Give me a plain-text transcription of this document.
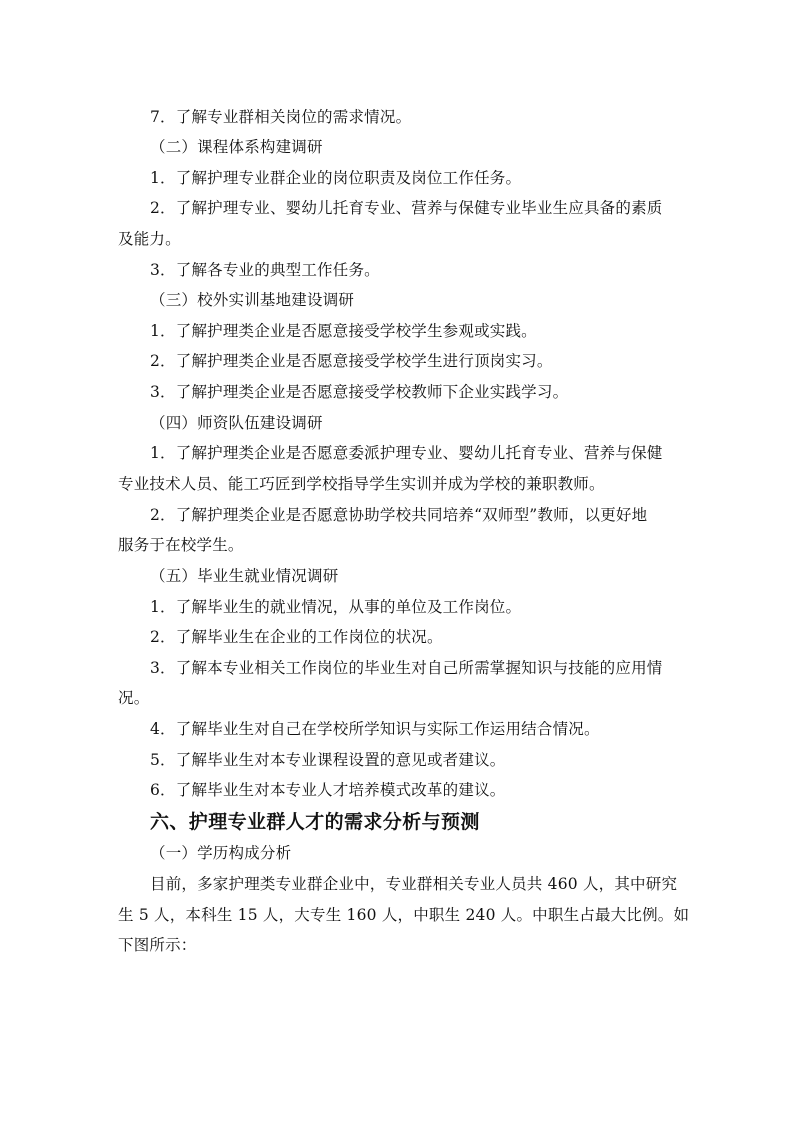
7．了解专业群相关岗位的需求情况。
（二）课程体系构建调研
1．了解护理专业群企业的岗位职责及岗位工作任务。
2．了解护理专业、婴幼儿托育专业、营养与保健专业毕业生应具备的素质
及能力。
3．了解各专业的典型工作任务。
（三）校外实训基地建设调研
1．了解护理类企业是否愿意接受学校学生参观或实践。
2．了解护理类企业是否愿意接受学校学生进行顶岗实习。
3．了解护理类企业是否愿意接受学校教师下企业实践学习。
（四）师资队伍建设调研
1．了解护理类企业是否愿意委派护理专业、婴幼儿托育专业、营养与保健
专业技术人员、能工巧匠到学校指导学生实训并成为学校的兼职教师。
2．了解护理类企业是否愿意协助学校共同培养“双师型”教师，以更好地
服务于在校学生。
（五）毕业生就业情况调研
1．了解毕业生的就业情况，从事的单位及工作岗位。
2．了解毕业生在企业的工作岗位的状况。
3．了解本专业相关工作岗位的毕业生对自己所需掌握知识与技能的应用情
况。
4．了解毕业生对自己在学校所学知识与实际工作运用结合情况。
5．了解毕业生对本专业课程设置的意见或者建议。
6．了解毕业生对本专业人才培养模式改革的建议。
六、护理专业群人才的需求分析与预测
（一）学历构成分析
目前，多家护理类专业群企业中，专业群相关专业人员共 460 人，其中研究
生 5 人，本科生 15 人，大专生 160 人，中职生 240 人。中职生占最大比例。如
下图所示：
